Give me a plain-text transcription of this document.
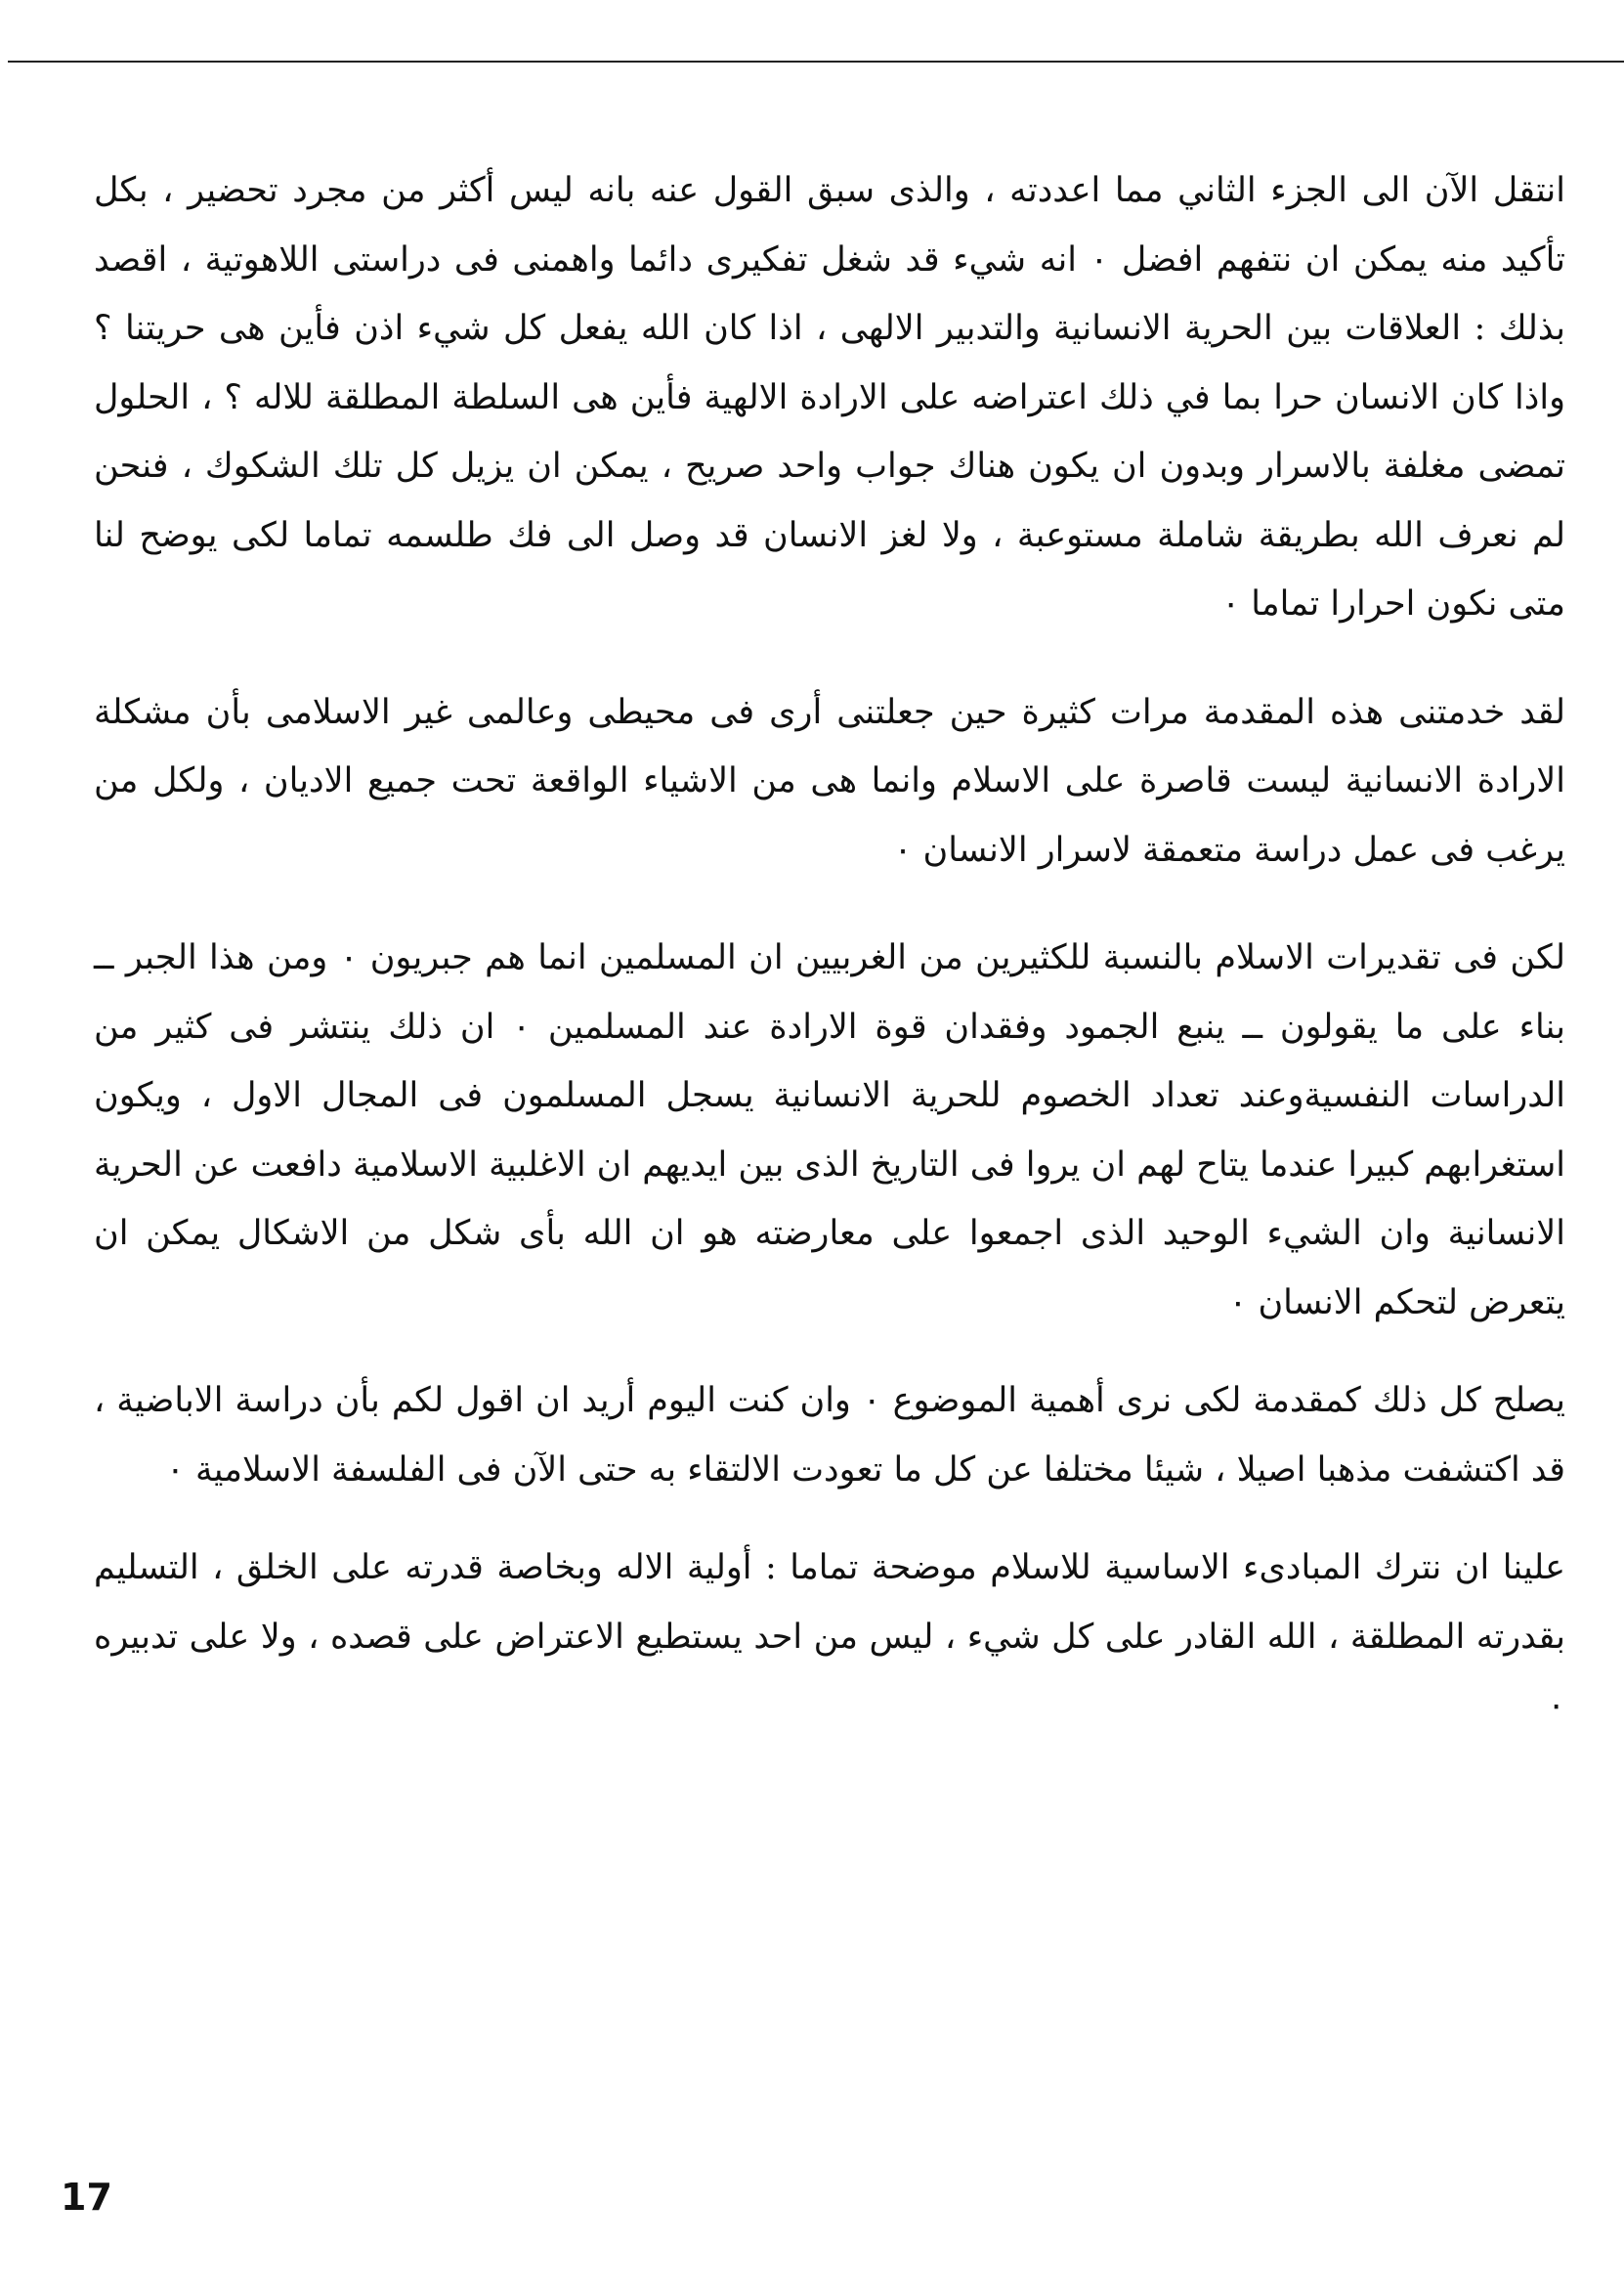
انتقل الآن الى الجزء الثاني مما اعددته ، والذى سبق القول عنه بانه ليس أكثر من مجرد تحضير ، بكل تأكيد منه يمكن ان نتفهم افضل ٠ انه شيء قد شغل تفكيرى دائما واهمنى فى دراستى اللاهوتية ، اقصد بذلك : العلاقات بين الحرية الانسانية والتدبير الالهى ، اذا كان الله يفعل كل شيء اذن فأين هى حريتنا ؟ واذا كان الانسان حرا بما في ذلك اعتراضه على الارادة الالهية فأين هى السلطة المطلقة للاله ؟ ، الحلول تمضى مغلفة بالاسرار وبدون ان يكون هناك جواب واحد صريح ، يمكن ان يزيل كل تلك الشكوك ، فنحن لم نعرف الله بطريقة شاملة مستوعبة ، ولا لغز الانسان قد وصل الى فك طلسمه تماما لكى يوضح لنا متى نكون احرارا تماما ٠

لقد خدمتنى هذه المقدمة مرات كثيرة حين جعلتنى أرى فى محيطى وعالمى غير الاسلامى بأن مشكلة الارادة الانسانية ليست قاصرة على الاسلام وانما هى من الاشياء الواقعة تحت جميع الاديان ، ولكل من يرغب فى عمل دراسة متعمقة لاسرار الانسان ٠

لكن فى تقديرات الاسلام بالنسبة للكثيرين من الغربيين ان المسلمين انما هم جبريون ٠ ومن هذا الجبر ــ بناء على ما يقولون ــ ينبع الجمود وفقدان قوة الارادة عند المسلمين ٠ ان ذلك ينتشر فى كثير من الدراسات النفسيةوعند تعداد الخصوم للحرية الانسانية يسجل المسلمون فى المجال الاول ، ويكون استغرابهم كبيرا عندما يتاح لهم ان يروا فى التاريخ الذى بين ايديهم ان الاغلبية الاسلامية دافعت عن الحرية الانسانية وان الشيء الوحيد الذى اجمعوا على معارضته هو ان الله بأى شكل من الاشكال يمكن ان يتعرض لتحكم الانسان ٠

يصلح كل ذلك كمقدمة لكى نرى أهمية الموضوع ٠ وان كنت اليوم أريد ان اقول لكم بأن دراسة الاباضية ، قد اكتشفت مذهبا اصيلا ، شيئا مختلفا عن كل ما تعودت الالتقاء به حتى الآن فى الفلسفة الاسلامية ٠

علينا ان نترك المبادىء الاساسية للاسلام موضحة تماما : أولية الاله وبخاصة قدرته على الخلق ، التسليم بقدرته المطلقة ، الله القادر على كل شيء ، ليس من احد يستطيع الاعتراض على قصده ، ولا على تدبيره ٠

17
